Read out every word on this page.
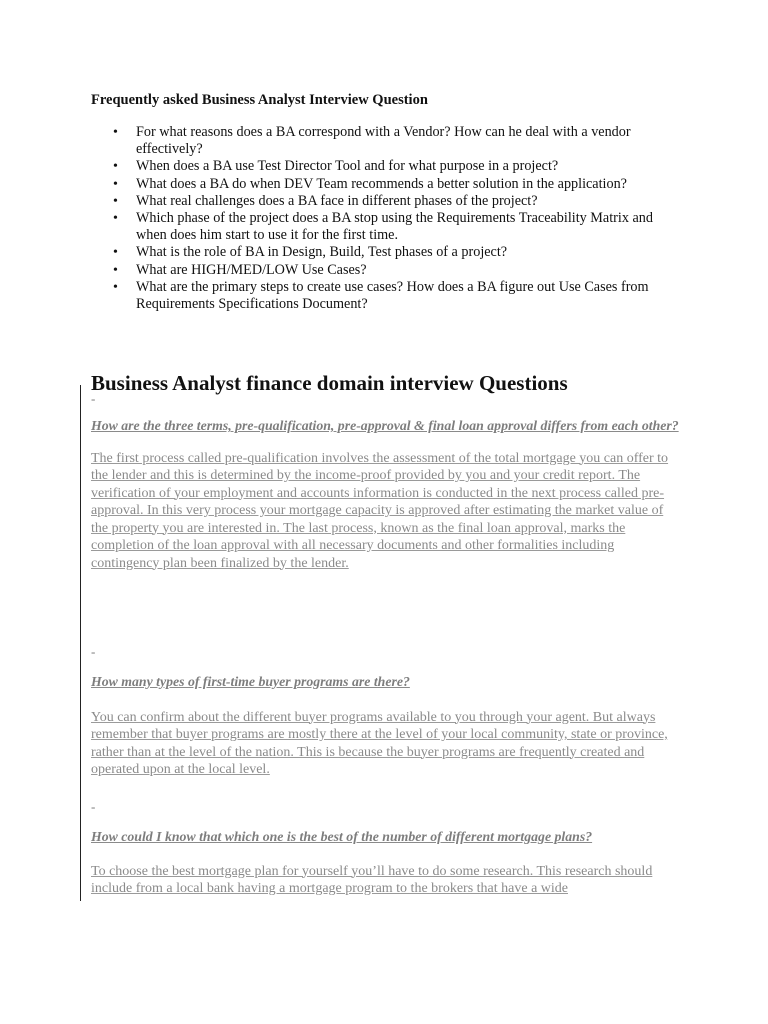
Frequently asked Business Analyst Interview Question
• For what reasons does a BA correspond with a Vendor? How can he deal with a vendor effectively?
• When does a BA use Test Director Tool and for what purpose in a project?
• What does a BA do when DEV Team recommends a better solution in the application?
• What real challenges does a BA face in different phases of the project?
• Which phase of the project does a BA stop using the Requirements Traceability Matrix and when does him start to use it for the first time.
• What is the role of BA in Design, Build, Test phases of a project?
• What are HIGH/MED/LOW Use Cases?
• What are the primary steps to create use cases? How does a BA figure out Use Cases from Requirements Specifications Document?
Business Analyst finance domain interview Questions
-
How are the three terms, pre-qualification, pre-approval & final loan approval differs from each other?
The first process called pre-qualification involves the assessment of the total mortgage you can offer to the lender and this is determined by the income-proof provided by you and your credit report. The verification of your employment and accounts information is conducted in the next process called pre-approval. In this very process your mortgage capacity is approved after estimating the market value of the property you are interested in. The last process, known as the final loan approval, marks the completion of the loan approval with all necessary documents and other formalities including contingency plan been finalized by the lender.
-
How many types of first-time buyer programs are there?
You can confirm about the different buyer programs available to you through your agent. But always remember that buyer programs are mostly there at the level of your local community, state or province, rather than at the level of the nation. This is because the buyer programs are frequently created and operated upon at the local level.
-
How could I know that which one is the best of the number of different mortgage plans?
To choose the best mortgage plan for yourself you’ll have to do some research. This research should include from a local bank having a mortgage program to the brokers that have a wide
